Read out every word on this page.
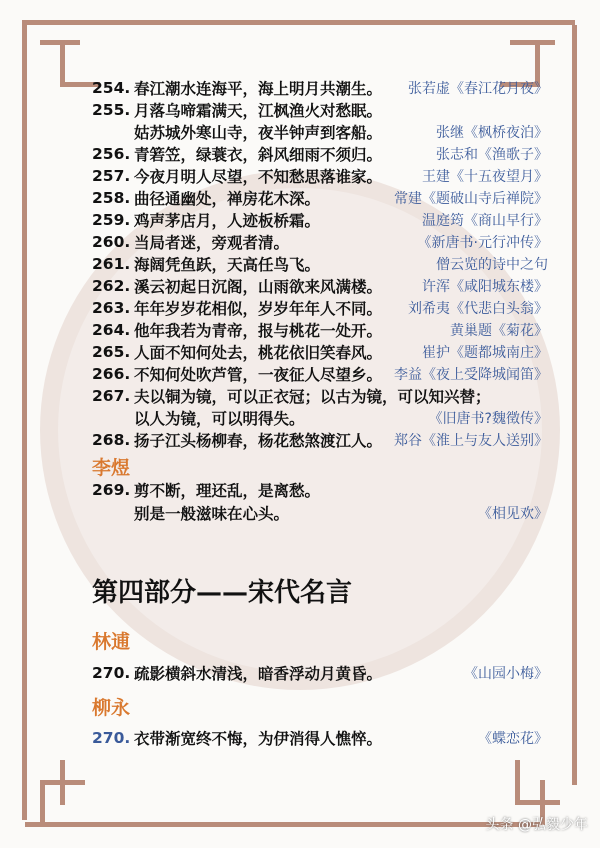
254. 春江潮水连海平，海上明月共潮生。 张若虚《春江花月夜》
255. 月落乌啼霜满天，江枫渔火对愁眠。
姑苏城外寒山寺，夜半钟声到客船。	张继《枫桥夜泊》
256. 青箬笠，绿蓑衣，斜风细雨不须归。	张志和《渔歌子》
257. 今夜月明人尽望，不知愁思落谁家。	王建《十五夜望月》
258. 曲径通幽处，禅房花木深。	常建《题破山寺后禅院》
259. 鸡声茅店月，人迹板桥霜。	温庭筠《商山早行》
260. 当局者迷，旁观者清。	《新唐书·元行冲传》
261. 海阔凭鱼跃，天高任鸟飞。	僧云览的诗中之句
262. 溪云初起日沉阁，山雨欲来风满楼。	许浑《咸阳城东楼》
263. 年年岁岁花相似，岁岁年年人不同。 刘希夷《代悲白头翁》
264. 他年我若为青帝，报与桃花一处开。	黄巢题《菊花》
265. 人面不知何处去，桃花依旧笑春风。	崔护《题都城南庄》
266. 不知何处吹芦管，一夜征人尽望乡。 李益《夜上受降城闻笛》
267. 夫以铜为镜，可以正衣冠；以古为镜，可以知兴替；
以人为镜，可以明得失。	《旧唐书?魏徵传》
268. 扬子江头杨柳春，杨花愁煞渡江人。 郑谷《淮上与友人送别》
李煜
269. 剪不断，理还乱，是离愁。
别是一般滋味在心头。	《相见欢》
第四部分——宋代名言
林逋
270. 疏影横斜水清浅，暗香浮动月黄昏。	《山园小梅》
柳永
270. 衣带渐宽终不悔，为伊消得人憔悴。	《蝶恋花》
头条 @弘毅少年
